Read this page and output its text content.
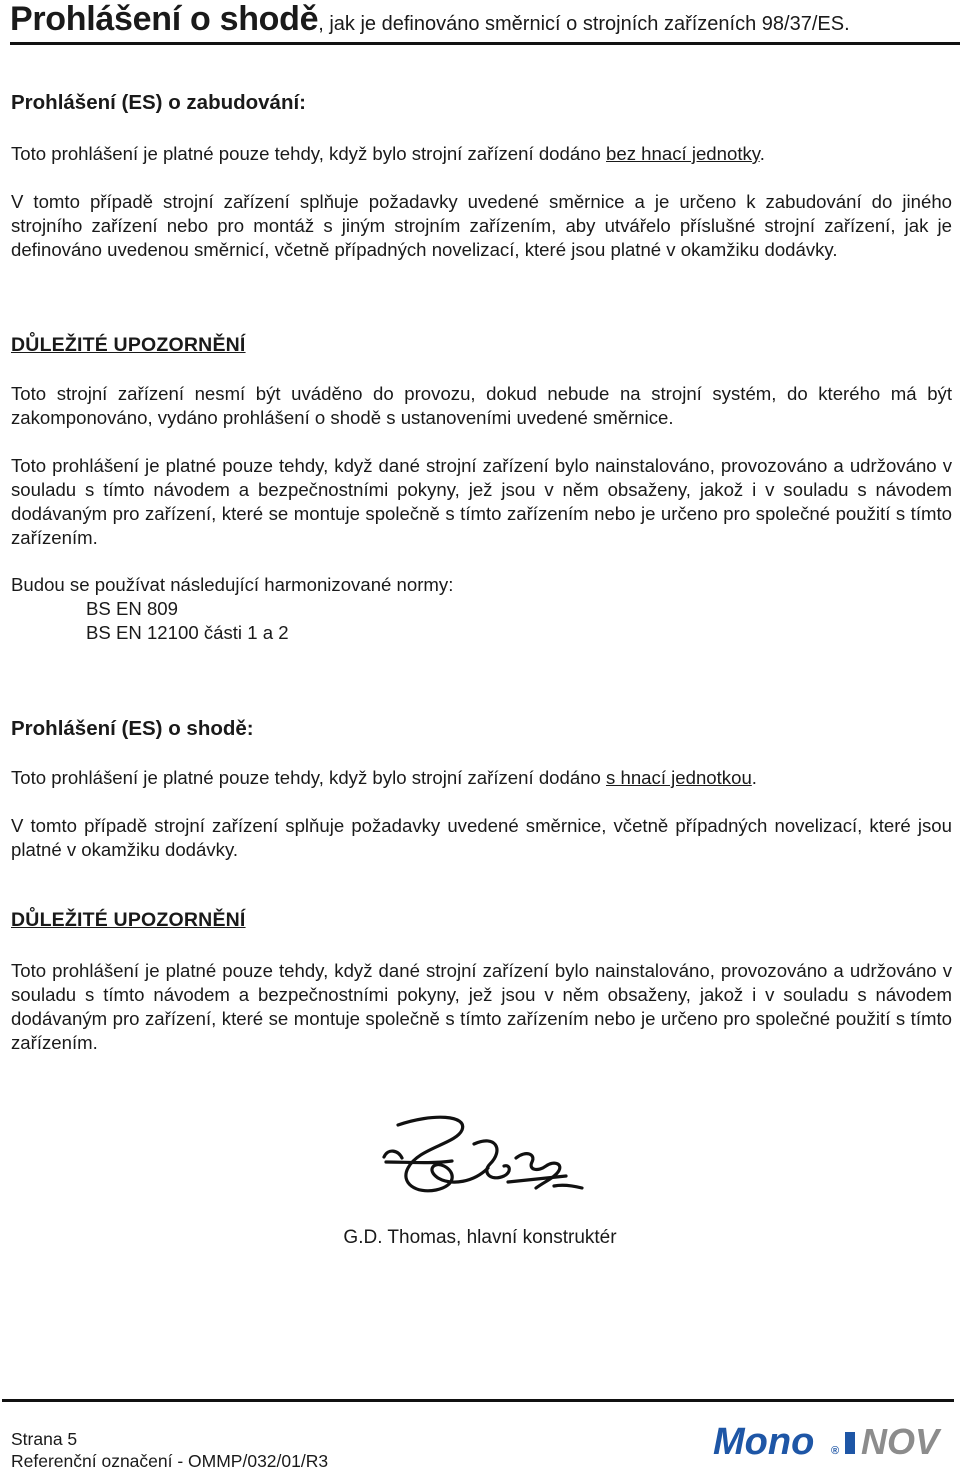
Prohlášení o shodě, jak je definováno směrnicí o strojních zařízeních 98/37/ES.
Prohlášení (ES) o zabudování:
Toto prohlášení je platné pouze tehdy, když bylo strojní zařízení dodáno bez hnací jednotky.
V tomto případě strojní zařízení splňuje požadavky uvedené směrnice a je určeno k zabudování do jiného strojního zařízení nebo pro montáž s jiným strojním zařízením, aby utvářelo příslušné strojní zařízení, jak je definováno uvedenou směrnicí, včetně případných novelizací, které jsou platné v okamžiku dodávky.
DŮLEŽITÉ UPOZORNĚNÍ
Toto strojní zařízení nesmí být uváděno do provozu, dokud nebude na strojní systém, do kterého má být zakomponováno, vydáno prohlášení o shodě s ustanoveními uvedené směrnice.
Toto prohlášení je platné pouze tehdy, když dané strojní zařízení bylo nainstalováno, provozováno a udržováno v souladu s tímto návodem a bezpečnostními pokyny, jež jsou v něm obsaženy, jakož i v souladu s návodem dodávaným pro zařízení, které se montuje společně s tímto zařízením nebo je určeno pro společné použití s tímto zařízením.
Budou se používat následující harmonizované normy:
BS EN 809
BS EN 12100 části 1 a 2
Prohlášení (ES) o shodě:
Toto prohlášení je platné pouze tehdy, když bylo strojní zařízení dodáno s hnací jednotkou.
V tomto případě strojní zařízení splňuje požadavky uvedené směrnice, včetně případných novelizací, které jsou platné v okamžiku dodávky.
DŮLEŽITÉ UPOZORNĚNÍ
Toto prohlášení je platné pouze tehdy, když dané strojní zařízení bylo nainstalováno, provozováno a udržováno v souladu s tímto návodem a bezpečnostními pokyny, jež jsou v něm obsaženy, jakož i v souladu s návodem dodávaným pro zařízení, které se montuje společně s tímto zařízením nebo je určeno pro společné použití s tímto zařízením.
G.D. Thomas, hlavní konstruktér
Strana 5
Referenční označení - OMMP/032/01/R3	Mono ® NOV
